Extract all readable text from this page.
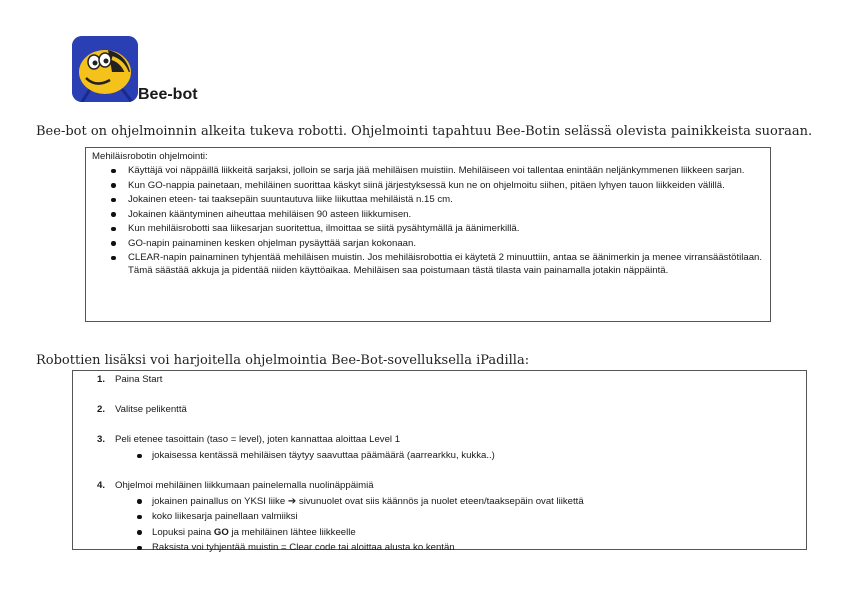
Bee-bot
Bee-bot on ohjelmoinnin alkeita tukeva robotti. Ohjelmointi tapahtuu Bee-Botin selässä olevista painikkeista suoraan.
Mehiläisrobotin ohjelmointi:
Käyttäjä voi näppäillä liikkeitä sarjaksi, jolloin se sarja jää mehiläisen muistiin. Mehiläiseen voi tallentaa enintään neljänkymmenen liikkeen sarjan.
Kun GO-nappia painetaan, mehiläinen suorittaa käskyt siinä järjestyksessä kun ne on ohjelmoitu siihen, pitäen lyhyen tauon liikkeiden välillä.
Jokainen eteen- tai taaksepäin suuntautuva liike liikuttaa mehiläistä n.15 cm.
Jokainen kääntyminen aiheuttaa mehiläisen 90 asteen liikkumisen.
Kun mehiläisrobotti saa liikesarjan suoritettua, ilmoittaa se siitä pysähtymällä ja äänimerkillä.
GO-napin painaminen kesken ohjelman pysäyttää sarjan kokonaan.
CLEAR-napin painaminen tyhjentää mehiläisen muistin. Jos mehiläisrobottia ei käytetä 2 minuuttiin, antaa se äänimerkin ja menee virransäästötilaan. Tämä säästää akkuja ja pidentää niiden käyttöaikaa. Mehiläisen saa poistumaan tästä tilasta vain painamalla jotakin näppäintä.
Robottien lisäksi voi harjoitella ohjelmointia Bee-Bot-sovelluksella iPadilla:
1. Paina Start
2. Valitse pelikenttä
3. Peli etenee tasoittain (taso = level), joten kannattaa aloittaa Level 1
jokaisessa kentässä mehiläisen täytyy saavuttaa päämäärä (aarrearkku, kukka..)
4. Ohjelmoi mehiläinen liikkumaan painelemalla nuolinäppäimiä
jokainen painallus on YKSI liike ➔ sivunuolet ovat siis käännös ja nuolet eteen/taaksepäin ovat liikettä
koko liikesarja painellaan valmiiksi
Lopuksi paina GO ja mehiläinen lähtee liikkeelle
Raksista voi tyhjentää muistin = Clear code tai aloittaa alusta ko.kentän
